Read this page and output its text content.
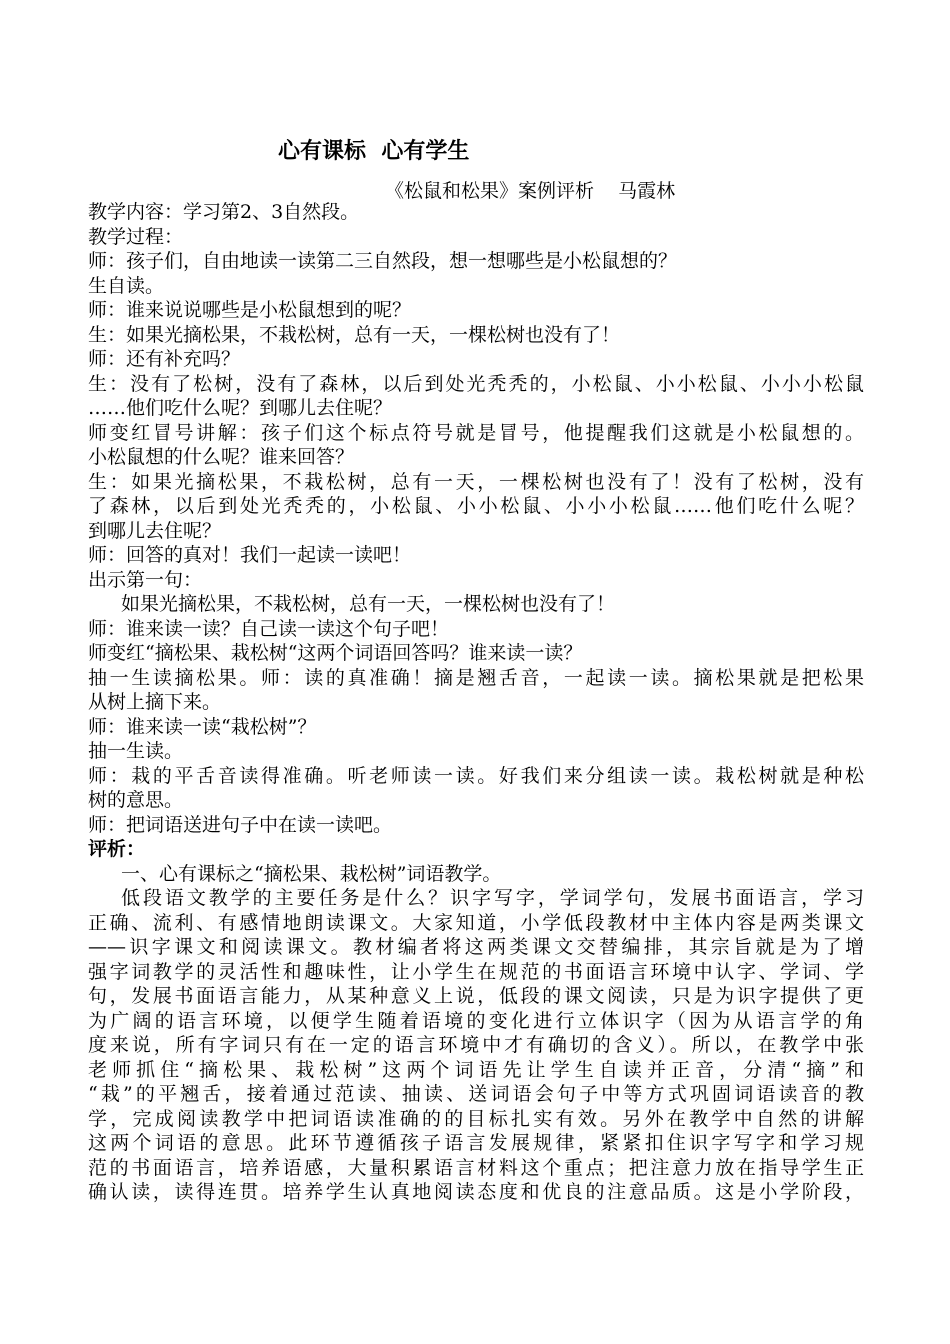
心有课标  心有学生
《松鼠和松果》案例评析    马霞林
教学内容：学习第2、3自然段。
教学过程：
师：孩子们，自由地读一读第二三自然段，想一想哪些是小松鼠想的？
生自读。
师：谁来说说哪些是小松鼠想到的呢？
生：如果光摘松果，不栽松树，总有一天，一棵松树也没有了！
师：还有补充吗？
生：没有了松树，没有了森林，以后到处光秃秃的，小松鼠、小小松鼠、小小小松鼠
……他们吃什么呢？到哪儿去住呢？
师变红冒号讲解：孩子们这个标点符号就是冒号，他提醒我们这就是小松鼠想的。
小松鼠想的什么呢？谁来回答？
生：如果光摘松果，不栽松树，总有一天，一棵松树也没有了！没有了松树，没有
了森林，以后到处光秃秃的，小松鼠、小小松鼠、小小小松鼠……他们吃什么呢？
到哪儿去住呢？
师：回答的真对！我们一起读一读吧！
出示第一句：
如果光摘松果，不栽松树，总有一天，一棵松树也没有了！
师：谁来读一读？自己读一读这个句子吧！
师变红“摘松果、栽松树“这两个词语回答吗？谁来读一读？
抽一生读摘松果。师：读的真准确！摘是翘舌音，一起读一读。摘松果就是把松果
从树上摘下来。
师：谁来读一读“栽松树”？
抽一生读。
师：栽的平舌音读得准确。听老师读一读。好我们来分组读一读。栽松树就是种松
树的意思。
师：把词语送进句子中在读一读吧。
评析：
一、心有课标之“摘松果、栽松树”词语教学。
低段语文教学的主要任务是什么？识字写字，学词学句，发展书面语言，学习
正确、流利、有感情地朗读课文。大家知道，小学低段教材中主体内容是两类课文
——识字课文和阅读课文。教材编者将这两类课文交替编排，其宗旨就是为了增
强字词教学的灵活性和趣味性，让小学生在规范的书面语言环境中认字、学词、学
句，发展书面语言能力，从某种意义上说，低段的课文阅读，只是为识字提供了更
为广阔的语言环境，以便学生随着语境的变化进行立体识字（因为从语言学的角
度来说，所有字词只有在一定的语言环境中才有确切的含义）。所以，在教学中张
老师抓住“摘松果、栽松树”这两个词语先让学生自读并正音，分清“摘”和
“栽”的平翘舌，接着通过范读、抽读、送词语会句子中等方式巩固词语读音的教
学，完成阅读教学中把词语读准确的的目标扎实有效。另外在教学中自然的讲解
这两个词语的意思。此环节遵循孩子语言发展规律，紧紧扣住识字写字和学习规
范的书面语言，培养语感，大量积累语言材料这个重点；把注意力放在指导学生正
确认读，读得连贯。培养学生认真地阅读态度和优良的注意品质。这是小学阶段，
